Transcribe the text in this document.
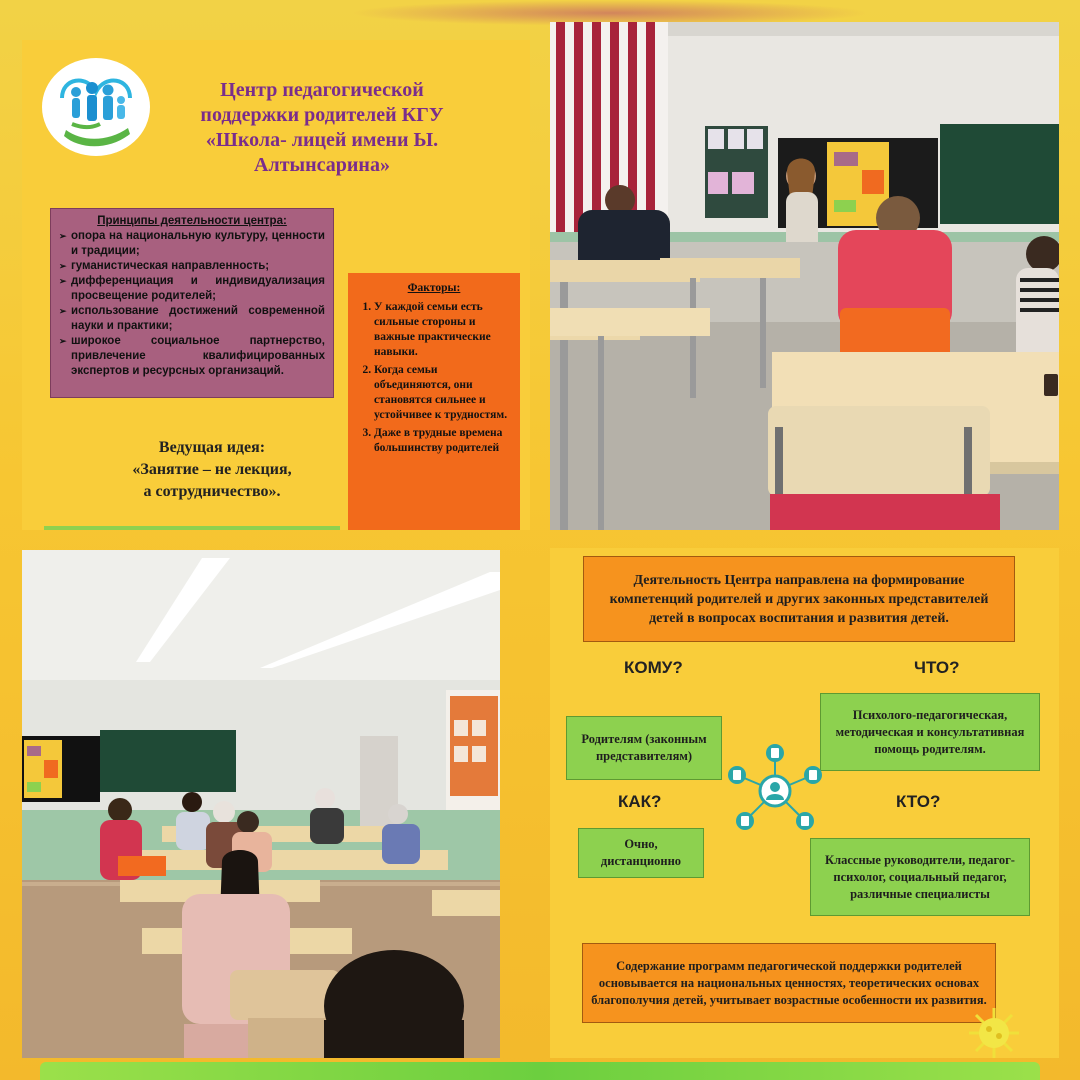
Центр педагогической поддержки родителей КГУ «Школа- лицей имени Ы. Алтынсарина»
Принципы деятельности центра:
➢ опора на национальную культуру, ценности и традиции;
➢ гуманистическая направленность;
➢ дифференциация и индивидуализация просвещение родителей;
➢ использование достижений современной науки и практики;
➢ широкое социальное партнерство, привлечение квалифицированных экспертов и ресурсных организаций.
Факторы:
1. У каждой семьи есть сильные стороны и важные практические навыки.
2. Когда семьи объединяются, они становятся сильнее и устойчивее к трудностям.
3. Даже в трудные времена большинству родителей
Ведущая идея:
«Занятие – не лекция,
а сотрудничество».
Деятельность Центра направлена на формирование компетенций родителей и других законных представителей детей в вопросах воспитания и развития детей.
КОМУ?	ЧТО?
Родителям (законным представителям)
Психолого-педагогическая, методическая и консультативная помощь родителям.
КАК?	КТО?
Очно, дистанционно	Классные руководители, педагог-психолог, социальный педагог, различные специалисты
Содержание программ педагогической поддержки родителей основывается на национальных ценностях, теоретических основах благополучия детей, учитывает возрастные особенности их развития.
